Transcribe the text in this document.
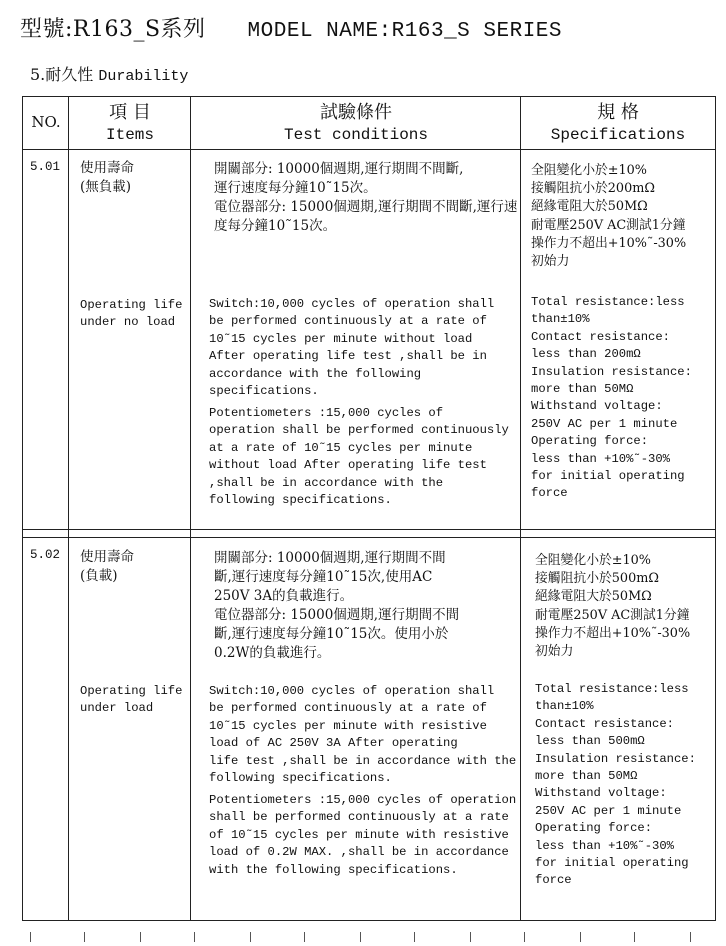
型號:R163_S系列 MODEL NAME:R163_S SERIES
5.耐久性 Durability
NO.	項 目
Items
試驗條件
Test conditions
規 格
Specifications
5.01 使用壽命
(無負載)
Operating life
under no load
開關部分: 10000個週期,運行期間不間斷,
運行速度每分鐘10˜15次。
電位器部分: 15000個週期,運行期間不間斷,運行速度每分鐘10˜15次。
Switch:10,000 cycles of operation shall
be performed continuously at a rate of
10˜15 cycles per minute without load
After operating life test ,shall be in
accordance with the following
specifications.
Potentiometers :15,000 cycles of
operation shall be performed continuously
at a rate of 10˜15 cycles per minute
without load After operating life test
,shall be in accordance with the
following specifications.
全阻變化小於±10%
接觸阻抗小於200mΩ
絕緣電阻大於50MΩ
耐電壓250V AC測試1分鐘
操作力不超出+10%˜-30%
初始力
Total resistance:less
than±10%
Contact resistance:
less than 200mΩ
Insulation resistance:
more than 50MΩ
Withstand voltage:
250V AC per 1 minute
Operating force:
less than +10%˜-30%
for initial operating
force
5.02 使用壽命
(負載)
Operating life
under load
開關部分: 10000個週期,運行期間不間
斷,運行速度每分鐘10˜15次,使用AC
250V 3A的負載進行。
電位器部分: 15000個週期,運行期間不間
斷,運行速度每分鐘10˜15次。使用小於
0.2W的負載進行。
Switch:10,000 cycles of operation shall
be performed continuously at a rate of
10˜15 cycles per minute with resistive
load of AC 250V 3A After operating
life test ,shall be in accordance with the
following specifications.
Potentiometers :15,000 cycles of operation
shall be performed continuously at a rate
of 10˜15 cycles per minute with resistive
load of 0.2W MAX. ,shall be in accordance
with the following specifications.
全阻變化小於±10%
接觸阻抗小於500mΩ
絕緣電阻大於50MΩ
耐電壓250V AC測試1分鐘
操作力不超出+10%˜-30%
初始力
Total resistance:less
than±10%
Contact resistance:
less than 500mΩ
Insulation resistance:
more than 50MΩ
Withstand voltage:
250V AC per 1 minute
Operating force:
less than +10%˜-30%
for initial operating
force
